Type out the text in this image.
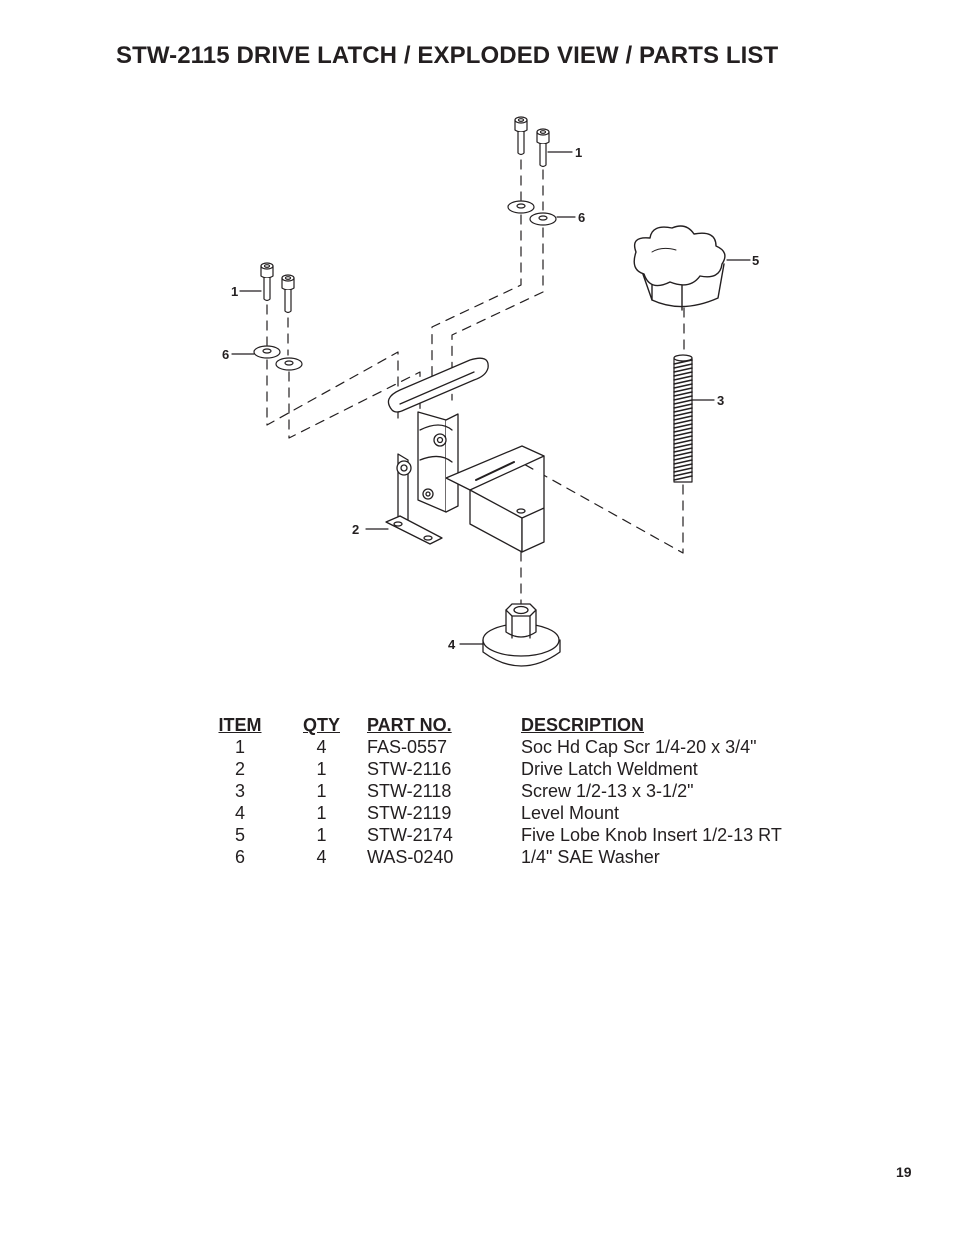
STW-2115 DRIVE LATCH / EXPLODED VIEW / PARTS LIST
1
6
5
1
6
3
2
4
ITEM	QTY	PART NO.	DESCRIPTION
1	4	FAS-0557	Soc Hd Cap Scr 1/4-20 x 3/4"
2	1	STW-2116	Drive Latch Weldment
3	1	STW-2118	Screw 1/2-13 x 3-1/2"
4	1	STW-2119	Level Mount
5	1	STW-2174	Five Lobe Knob Insert 1/2-13 RT
6	4	WAS-0240	1/4" SAE Washer
19
